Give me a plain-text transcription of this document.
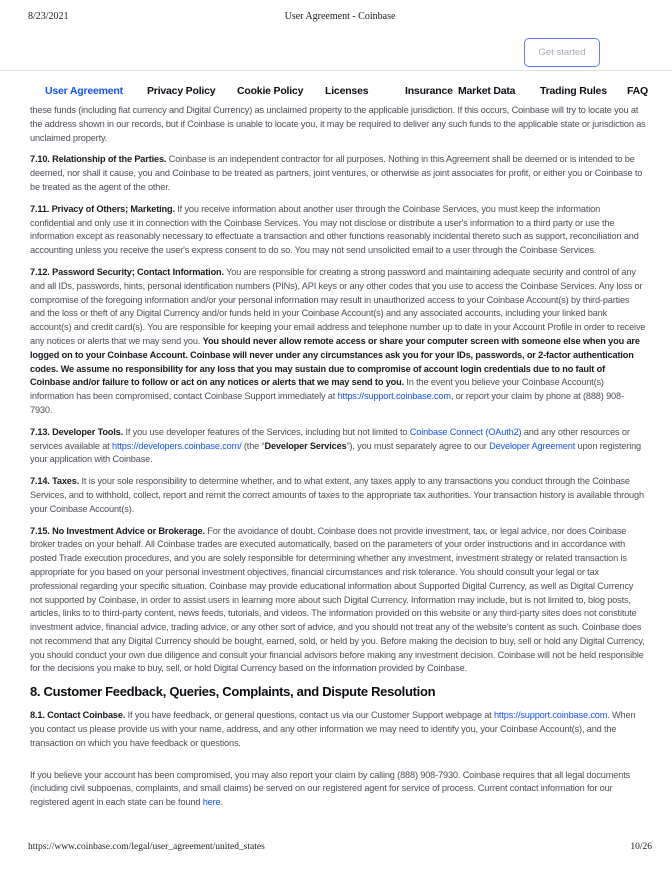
8/23/2021	User Agreement - Coinbase
Get started
User Agreement Privacy Policy Cookie Policy Licenses	Insurance Market Data Trading Rules FAQ

these funds (including fiat currency and Digital Currency) as unclaimed property to the applicable jurisdiction. If this occurs, Coinbase will try to locate you at the address shown in our records, but if Coinbase is unable to locate you, it may be required to deliver any such funds to the applicable state or jurisdiction as unclaimed property.

7.10. Relationship of the Parties. Coinbase is an independent contractor for all purposes. Nothing in this Agreement shall be deemed or is intended to be deemed, nor shall it cause, you and Coinbase to be treated as partners, joint ventures, or otherwise as joint associates for profit, or either you or Coinbase to be treated as the agent of the other.

7.11. Privacy of Others; Marketing. If you receive information about another user through the Coinbase Services, you must keep the information confidential and only use it in connection with the Coinbase Services. You may not disclose or distribute a user's information to a third party or use the information except as reasonably necessary to effectuate a transaction and other functions reasonably incidental thereto such as support, reconciliation and accounting unless you receive the user's express consent to do so. You may not send unsolicited email to a user through the Coinbase Services.

7.12. Password Security; Contact Information. You are responsible for creating a strong password and maintaining adequate security and control of any and all IDs, passwords, hints, personal identification numbers (PINs), API keys or any other codes that you use to access the Coinbase Services. Any loss or compromise of the foregoing information and/or your personal information may result in unauthorized access to your Coinbase Account(s) by third-parties and the loss or theft of any Digital Currency and/or funds held in your Coinbase Account(s) and any associated accounts, including your linked bank account(s) and credit card(s). You are responsible for keeping your email address and telephone number up to date in your Account Profile in order to receive any notices or alerts that we may send you. You should never allow remote access or share your computer screen with someone else when you are logged on to your Coinbase Account. Coinbase will never under any circumstances ask you for your IDs, passwords, or 2-factor authentication codes. We assume no responsibility for any loss that you may sustain due to compromise of account login credentials due to no fault of Coinbase and/or failure to follow or act on any notices or alerts that we may send to you. In the event you believe your Coinbase Account(s) information has been compromised, contact Coinbase Support immediately at https://support.coinbase.com, or report your claim by phone at (888) 908-7930.

7.13. Developer Tools. If you use developer features of the Services, including but not limited to Coinbase Connect (OAuth2) and any other resources or services available at https://developers.coinbase.com/ (the “Developer Services”), you must separately agree to our Developer Agreement upon registering your application with Coinbase.

7.14. Taxes. It is your sole responsibility to determine whether, and to what extent, any taxes apply to any transactions you conduct through the Coinbase Services, and to withhold, collect, report and remit the correct amounts of taxes to the appropriate tax authorities. Your transaction history is available through your Coinbase Account(s).

7.15. No Investment Advice or Brokerage. For the avoidance of doubt, Coinbase does not provide investment, tax, or legal advice, nor does Coinbase broker trades on your behalf. All Coinbase trades are executed automatically, based on the parameters of your order instructions and in accordance with posted Trade execution procedures, and you are solely responsible for determining whether any investment, investment strategy or related transaction is appropriate for you based on your personal investment objectives, financial circumstances and risk tolerance. You should consult your legal or tax professional regarding your specific situation. Coinbase may provide educational information about Supported Digital Currency, as well as Digital Currency not supported by Coinbase, in order to assist users in learning more about such Digital Currency. Information may include, but is not limited to, blog posts, articles, links to to third-party content, news feeds, tutorials, and videos. The information provided on this website or any third-party sites does not constitute investment advice, financial advice, trading advice, or any other sort of advice, and you should not treat any of the website's content as such. Coinbase does not recommend that any Digital Currency should be bought, earned, sold, or held by you. Before making the decision to buy, sell or hold any Digital Currency, you should conduct your own due diligence and consult your financial advisors before making any investment decision. Coinbase will not be held responsible for the decisions you make to buy, sell, or hold Digital Currency based on the information provided by Coinbase.

8. Customer Feedback, Queries, Complaints, and Dispute Resolution

8.1. Contact Coinbase. If you have feedback, or general questions, contact us via our Customer Support webpage at https://support.coinbase.com. When you contact us please provide us with your name, address, and any other information we may need to identify you, your Coinbase Account(s), and the transaction on which you have feedback or questions.

If you believe your account has been compromised, you may also report your claim by calling (888) 908-7930. Coinbase requires that all legal documents (including civil subpoenas, complaints, and small claims) be served on our registered agent for service of process. Current contact information for our registered agent in each state can be found here.

https://www.coinbase.com/legal/user_agreement/united_states	10/26
